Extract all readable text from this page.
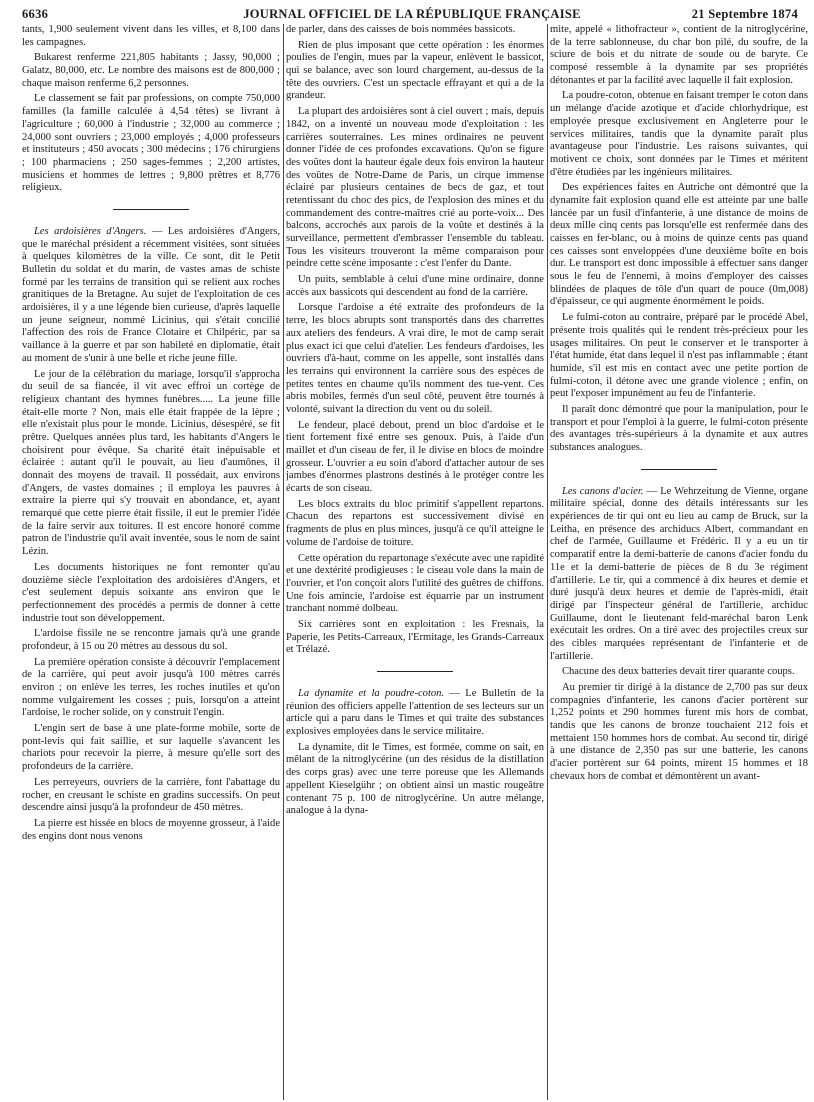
6636	JOURNAL OFFICIEL DE LA RÉPUBLIQUE FRANÇAISE	21 Septembre 1874

tants, 1,900 seulement vivent dans les villes, et 8,100 dans les campagnes.

Bukarest renferme 221,805 habitants ; Jassy, 90,000 ; Galatz, 80,000, etc. Le nombre des maisons est de 800,000 ; chaque maison renferme 6,2 personnes.

Le classement se fait par professions, on compte 750,000 familles (la famille calculée à 4,54 têtes) se livrant à l'agriculture ; 60,000 à l'industrie ; 32,000 au commerce ; 24,000 sont ouvriers ; 23,000 employés ; 4,000 professeurs et instituteurs ; 450 avocats ; 300 médecins ; 176 chirurgiens ; 100 pharmaciens ; 250 sages-femmes ; 2,200 artistes, musiciens et hommes de lettres ; 9,800 prêtres et 8,776 religieux.

Les ardoisières d'Angers. — Les ardoisières d'Angers, que le maréchal président a récemment visitées, sont situées à quelques kilomètres de la ville. Ce sont, dit le Petit Bulletin du soldat et du marin, de vastes amas de schiste formé par les terrains de transition qui se relient aux roches granitiques de la Bretagne. Au sujet de l'exploitation de ces ardoisières, il y a une légende bien curieuse, d'après laquelle un jeune seigneur, nommé Licinius, qui s'était concilié l'affection des rois de France Clotaire et Chilpéric, par sa vaillance à la guerre et par son habileté en diplomatie, était au moment de s'unir à une belle et riche jeune fille.

Le jour de la célébration du mariage, lorsqu'il s'approcha du seuil de sa fiancée, il vit avec effroi un cortège de religieux chantant des hymnes funèbres..... La jeune fille était-elle morte ? Non, mais elle était frappée de la lèpre ; elle n'existait plus pour le monde. Licinius, désespéré, se fit prêtre. Quelques années plus tard, les habitants d'Angers le choisirent pour évêque. Sa charité était inépuisable et éclairée : autant qu'il le pouvait, au lieu d'aumônes, il donnait des moyens de travail. Il possédait, aux environs d'Angers, de vastes domaines ; il employa les pauvres à extraire la pierre qui s'y trouvait en abondance, et, ayant remarqué que cette pierre était fissile, il eut le premier l'idée de la faire servir aux toitures. Il est encore honoré comme patron de l'industrie qu'il avait inventée, sous le nom de saint Lézin.

Les documents historiques ne font remonter qu'au douzième siècle l'exploitation des ardoisières d'Angers, et c'est seulement depuis soixante ans environ que le perfectionnement des procédés a permis de donner à cette industrie tout son développement.

L'ardoise fissile ne se rencontre jamais qu'à une grande profondeur, à 15 ou 20 mètres au dessous du sol.

La première opération consiste à découvrir l'emplacement de la carrière, qui peut avoir jusqu'à 100 mètres carrés environ ; on enlève les terres, les roches inutiles et qu'on nomme vulgairement les cosses ; puis, lorsqu'on a atteint l'ardoise, le rocher solide, on y construit l'engin.

L'engin sert de base à une plate-forme mobile, sorte de pont-levis qui fait saillie, et sur laquelle s'avancent les chariots pour recevoir la pierre, à mesure qu'elle sort des profondeurs de la carrière.

Les perreyeurs, ouvriers de la carrière, font l'abattage du rocher, en creusant le schiste en gradins successifs. On peut descendre ainsi jusqu'à la profondeur de 450 mètres.

La pierre est hissée en blocs de moyenne grosseur, à l'aide des engins dont nous venons

de parler, dans des caisses de bois nommées bassicots.

Rien de plus imposant que cette opération : les énormes poulies de l'engin, mues par la vapeur, enlèvent le bassicot, qui se balance, avec son lourd chargement, au-dessus de la tête des ouvriers. C'est un spectacle effrayant et qui a de la grandeur.

La plupart des ardoisières sont à ciel ouvert ; mais, depuis 1842, on a inventé un nouveau mode d'exploitation : les carrières souterraines. Les mines ordinaires ne peuvent donner l'idée de ces profondes excavations. Qu'on se figure des voûtes dont la hauteur égale deux fois environ la hauteur des voûtes de Notre-Dame de Paris, un cirque immense éclairé par plusieurs centaines de becs de gaz, et tout retentissant du choc des pics, de l'explosion des mines et du commandement des contre-maîtres crié au porte-voix... Des balcons, accrochés aux parois de la voûte et destinés à la surveillance, permettent d'embrasser l'ensemble du tableau. Tous les visiteurs trouveront la même comparaison pour peindre cette scène imposante : c'est l'enfer du Dante.

Un puits, semblable à celui d'une mine ordinaire, donne accès aux bassicots qui descendent au fond de la carrière.

Lorsque l'ardoise a été extraite des profondeurs de la terre, les blocs abrupts sont transportés dans des charrettes aux ateliers des fendeurs. A vrai dire, le mot de camp serait plus exact ici que celui d'atelier. Les fendeurs d'ardoises, les ouvriers d'à-haut, comme on les appelle, sont installés dans les terrains qui environnent la carrière sous des espèces de petites tentes en chaume qu'ils nomment des tue-vent. Ces abris mobiles, fermés d'un seul côté, peuvent être tournés à volonté, suivant la direction du vent ou du soleil.

Le fendeur, placé debout, prend un bloc d'ardoise et le tient fortement fixé entre ses genoux. Puis, à l'aide d'un maillet et d'un ciseau de fer, il le divise en blocs de moindre grosseur. L'ouvrier a eu soin d'abord d'attacher autour de ses jambes d'énormes plastrons destinés à le protéger contre les écarts de son ciseau.

Les blocs extraits du bloc primitif s'appellent repartons. Chacun des repartons est successivement divisé en fragments de plus en plus minces, jusqu'à ce qu'il atteigne le volume de l'ardoise de toiture.

Cette opération du repartonage s'exécute avec une rapidité et une dextérité prodigieuses : le ciseau vole dans la main de l'ouvrier, et l'on conçoit alors l'utilité des guêtres de chiffons. Une fois amincie, l'ardoise est équarrie par un instrument tranchant nommé dolbeau.

Six carrières sont en exploitation : les Fresnais, la Paperie, les Petits-Carreaux, l'Ermitage, les Grands-Carreaux et Trélazé.

La dynamite et la poudre-coton. — Le Bulletin de la réunion des officiers appelle l'attention de ses lecteurs sur un article qui a paru dans le Times et qui traite des substances explosives employées dans le service militaire.

La dynamite, dit le Times, est formée, comme on sait, en mêlant de la nitroglycérine (un des résidus de la distillation des corps gras) avec une terre poreuse que les Allemands appellent Kieselgühr ; on obtient ainsi un mastic rougeâtre contenant 75 p. 100 de nitroglycérine. Un autre mélange, analogue à la dyna-

mite, appelé « lithofracteur », contient de la nitroglycérine, de la terre sablonneuse, du char bon pilé, du soufre, de la sciure de bois et du nitrate de soude ou de baryte. Ce composé ressemble à la dynamite par ses propriétés détonantes et par la facilité avec laquelle il fait explosion.

La poudre-coton, obtenue en faisant tremper le coton dans un mélange d'acide azotique et d'acide chlorhydrique, est employée presque exclusivement en Angleterre pour le services militaires, tandis que la dynamite paraît plus avantageuse pour l'industrie. Les raisons suivantes, qui motivent ce choix, sont données par le Times et méritent d'être étudiées par les ingénieurs militaires.

Des expériences faites en Autriche ont démontré que la dynamite fait explosion quand elle est atteinte par une balle lancée par un fusil d'infanterie, à une distance de moins de deux mille cinq cents pas lorsqu'elle est renfermée dans des caisses en fer-blanc, ou à moins de quinze cents pas quand ces caisses sont enveloppées d'une deuxième boîte en bois dur. Le transport est donc impossible à effectuer sans danger sous le feu de l'ennemi, à moins d'employer des caisses blindées de plaques de tôle d'un quart de pouce (0m,008) d'épaisseur, ce qui augmente énormément le poids.

Le fulmi-coton au contraire, préparé par le procédé Abel, présente trois qualités qui le rendent très-précieux pour les usages militaires. On peut le conserver et le transporter à l'état humide, état dans lequel il n'est pas inflammable ; étant humide, s'il est mis en contact avec une petite portion de fulmi-coton, il détone avec une grande violence ; enfin, on peut l'exposer impunément au feu de l'infanterie.

Il paraît donc démontré que pour la manipulation, pour le transport et pour l'emploi à la guerre, le fulmi-coton présente des avantages très-supérieurs à la dynamite et aux autres substances analogues.

Les canons d'acier. — Le Wehrzeitung de Vienne, organe militaire spécial, donne des détails intéressants sur les expériences de tir qui ont eu lieu au camp de Bruck, sur la Leitha, en présence des archiducs Albert, commandant en chef de l'armée, Guillaume et Frédéric. Il y a eu un tir comparatif entre la demi-batterie de canons d'acier fondu du 11e et la demi-batterie de pièces de 8 du 3e régiment d'artillerie. Le tir, qui a commencé à dix heures et demie et duré jusqu'à deux heures et demie de l'après-midi, était dirigé par l'inspecteur général de l'artillerie, archiduc Guillaume, dont le lieutenant feld-maréchal baron Lenk exécutait les ordres. On a tiré avec des projectiles creux sur des cibles marquées représentant de l'infanterie et de l'artillerie.

Chacune des deux batteries devait tirer quarante coups.

Au premier tir dirigé à la distance de 2,700 pas sur deux compagnies d'infanterie, les canons d'acier portèrent sur 1,252 points et 290 hommes furent mis hors de combat, tandis que les canons de bronze touchaient 212 fois et mettaient 150 hommes hors de combat. Au second tir, dirigé à une distance de 2,350 pas sur une batterie, les canons d'acier portèrent sur 64 points, mirent 15 hommes et 18 chevaux hors de combat et démontèrent un avant-
